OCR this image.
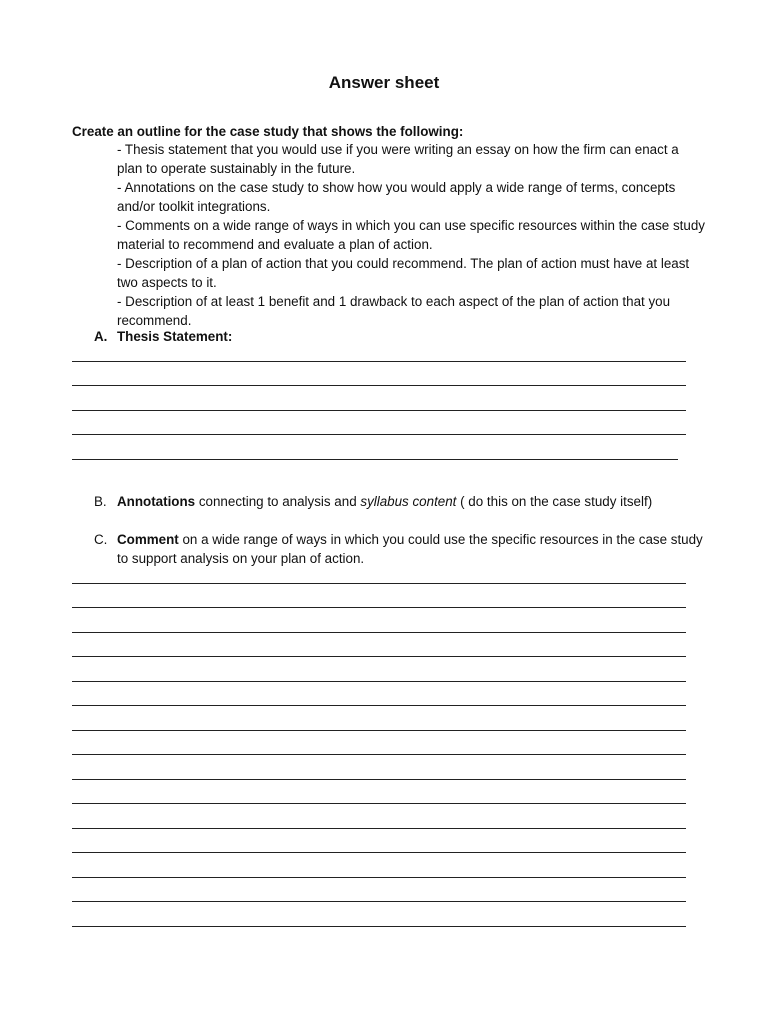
Answer sheet
Create an outline for the case study that shows the following:

- Thesis statement that you would use if you were writing an essay on how the firm can enact a plan to operate sustainably in the future.

- Annotations on the case study to show how you would apply a wide range of terms, concepts and/or toolkit integrations.

- Comments on a wide range of ways in which you can use specific resources within the case study material to recommend and evaluate a plan of action.

- Description of a plan of action that you could recommend. The plan of action must have at least two aspects to it.

- Description of at least 1 benefit and 1 drawback to each aspect of the plan of action that you recommend.

A. Thesis Statement:
B. Annotations connecting to analysis and syllabus content ( do this on the case study itself)
C. Comment on a wide range of ways in which you could use the specific resources in the case study to support analysis on your plan of action.
